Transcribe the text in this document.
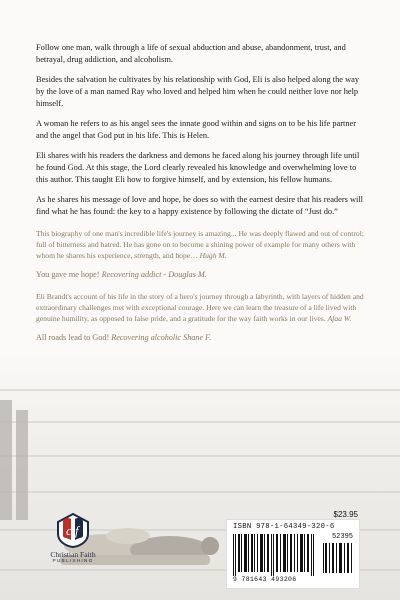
Follow one man, walk through a life of sexual abduction and abuse, abandonment, trust, and betrayal, drug addiction, and alcoholism.

Besides the salvation he cultivates by his relationship with God, Eli is also helped along the way by the love of a man named Ray who loved and helped him when he could neither love nor help himself.

A woman he refers to as his angel sees the innate good within and signs on to be his life partner and the angel that God put in his life. This is Helen.

Eli shares with his readers the darkness and demons he faced along his journey through life until he found God. At this stage, the Lord clearly revealed his knowledge and overwhelming love to this author. This taught Eli how to forgive himself, and by extension, his fellow humans.

As he shares his message of love and hope, he does so with the earnest desire that his readers will find what he has found: the key to a happy existence by following the dictate of “Just do.”

This biography of one man's incredible life's journey is amazing... He was deeply flawed and out of control; full of bitterness and hatred. He has gone on to become a shining power of example for many others with whom he shares his experience, strength, and hope… Hugh M.

You gave me hope! Recovering addict - Douglas M.

Eli Brandt's account of his life in the story of a hero's journey through a labyrinth, with layers of hidden and extraordinary challenges met with exceptional courage. Here we can learn the treasure of a life lived with genuine humility, as opposed to false pride, and a gratitude for the way faith works in our lives. Afaa W.

All roads lead to God! Recovering alcoholic Shane F.

c f
Christian Faith
PUBLISHING
$23.95
ISBN 978-1-64349-320-6
52395
9 781643 493206
